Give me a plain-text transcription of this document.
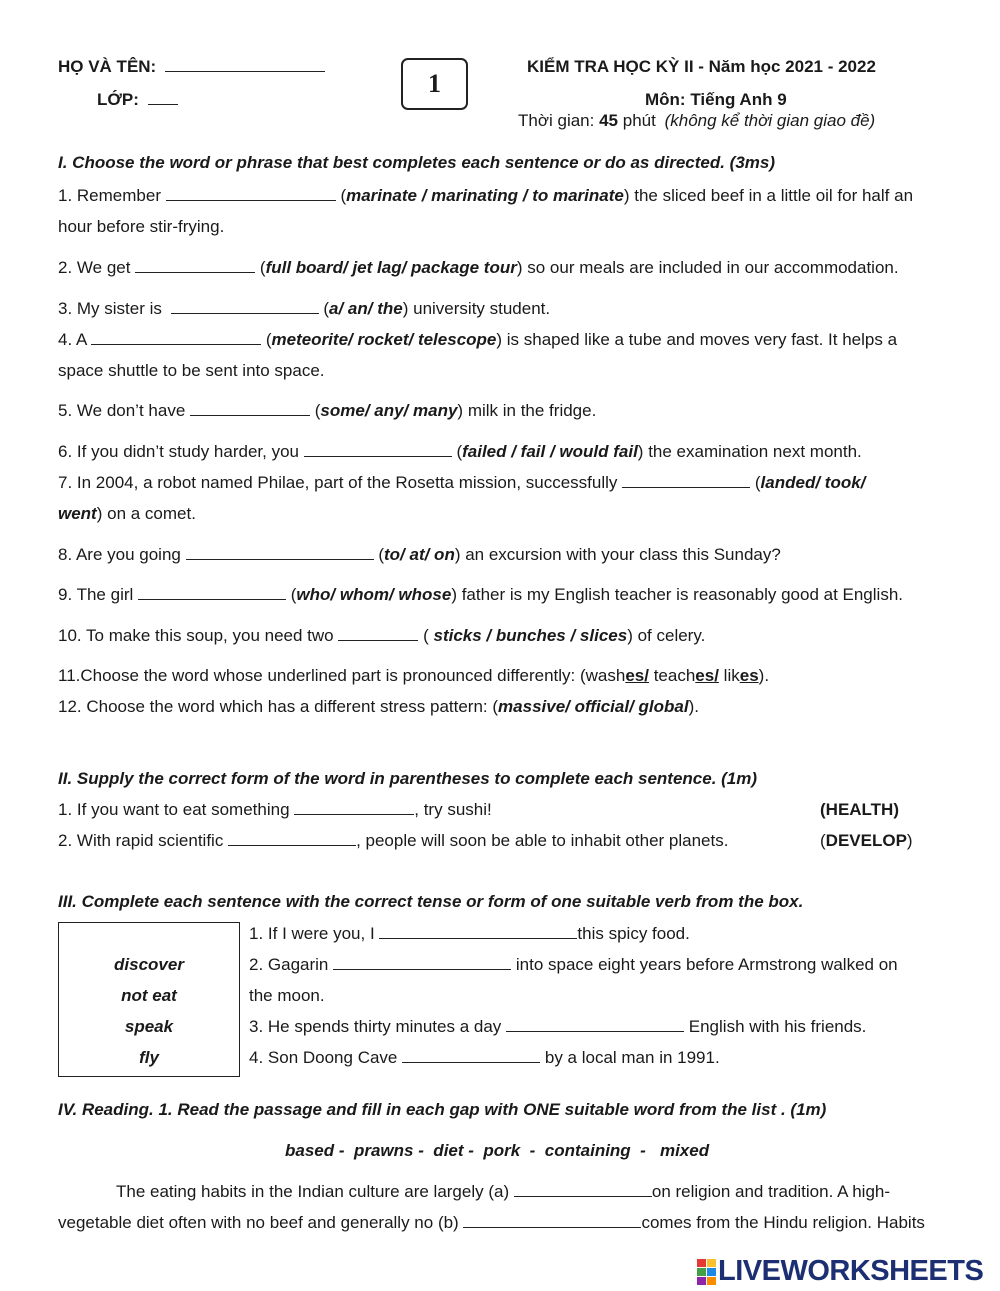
HỌ VÀ TÊN:
LỚP:
1
KIỂM TRA HỌC KỲ II - Năm học 2021 - 2022
Môn: Tiếng Anh 9
Thời gian: 45 phút (không kể thời gian giao đề)
I. Choose the word or phrase that best completes each sentence or do as directed. (3ms)
1. Remember	(marinate / marinating / to marinate) the sliced beef in a little oil for half an
hour before stir-frying.
2. We get	(full board/ jet lag/ package tour) so our meals are included in our accommodation.
3. My sister is	(a/ an/ the) university student.
4. A	(meteorite/ rocket/ telescope) is shaped like a tube and moves very fast. It helps a
space shuttle to be sent into space.
5. We don’t have	(some/ any/ many) milk in the fridge.
6. If you didn’t study harder, you	(failed / fail / would fail) the examination next month.
7. In 2004, a robot named Philae, part of the Rosetta mission, successfully	(landed/ took/
went) on a comet.
8. Are you going	(to/ at/ on) an excursion with your class this Sunday?
9. The girl	(who/ whom/ whose) father is my English teacher is reasonably good at English.
10. To make this soup, you need two	( sticks / bunches / slices) of celery.
11.Choose the word whose underlined part is pronounced differently: (washes/ teaches/ likes).
12. Choose the word which has a different stress pattern: (massive/ official/ global).
II. Supply the correct form of the word in parentheses to complete each sentence. (1m)
1. If you want to eat something	, try sushi!	(HEALTH)
2. With rapid scientific	, people will soon be able to inhabit other planets.	(DEVELOP)
III. Complete each sentence with the correct tense or form of one suitable verb from the box.
discover
not eat
speak
fly
1. If I were you, I	this spicy food.
2. Gagarin	into space eight years before Armstrong walked on
the moon.
3. He spends thirty minutes a day	English with his friends.
4. Son Doong Cave	by a local man in 1991.
IV. Reading. 1. Read the passage and fill in each gap with ONE suitable word from the list . (1m)
based -  prawns -  diet -  pork  -  containing  -   mixed
The eating habits in the Indian culture are largely (a)	on religion and tradition. A high-
vegetable diet often with no beef and generally no (b)	comes from the Hindu religion. Habits
LIVEWORKSHEETS
